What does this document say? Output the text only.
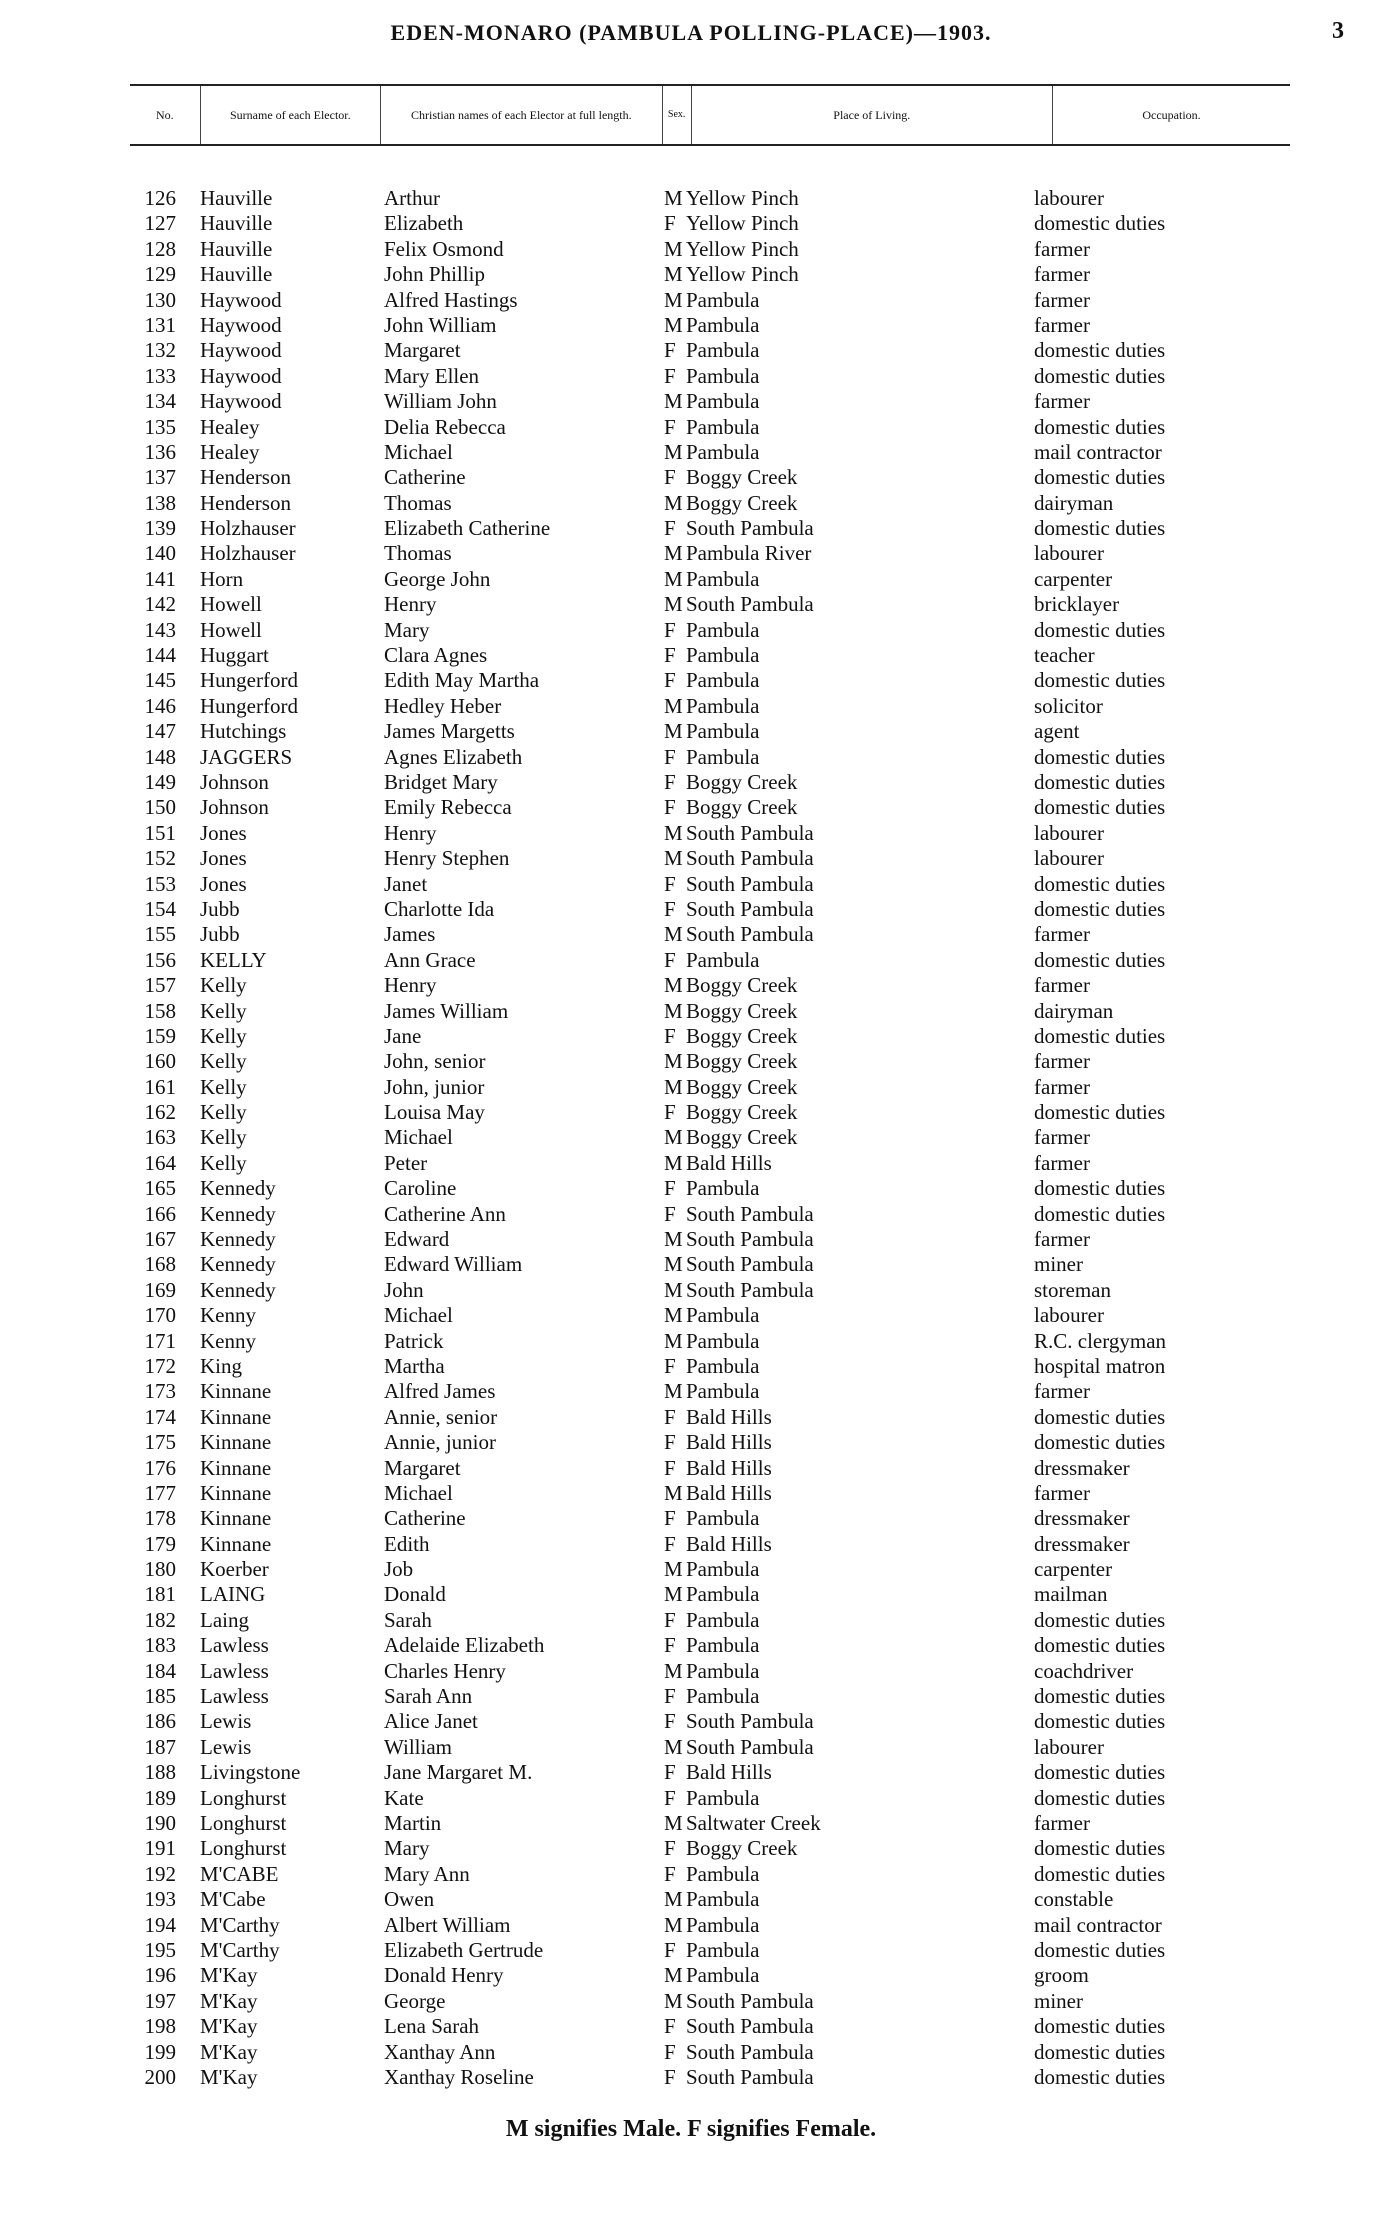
EDEN-MONARO (PAMBULA POLLING-PLACE)—1903.	3
No.	Surname of each Elector.	Christian names of each Elector at full length.	Sex.	Place of Living.	Occupation.
126 Hauville	Arthur	M Yellow Pinch	labourer
127 Hauville	Elizabeth	F Yellow Pinch	domestic duties
128 Hauville	Felix Osmond	M Yellow Pinch	farmer
129 Hauville	John Phillip	M Yellow Pinch	farmer
130 Haywood	Alfred Hastings	M Pambula	farmer
131 Haywood	John William	M Pambula	farmer
132 Haywood	Margaret	F Pambula	domestic duties
133 Haywood	Mary Ellen	F Pambula	domestic duties
134 Haywood	William John	M Pambula	farmer
135 Healey	Delia Rebecca	F Pambula	domestic duties
136 Healey	Michael	M Pambula	mail contractor
137 Henderson	Catherine	F Boggy Creek	domestic duties
138 Henderson	Thomas	M Boggy Creek	dairyman
139 Holzhauser	Elizabeth Catherine	F South Pambula	domestic duties
140 Holzhauser	Thomas	M Pambula River	labourer
141 Horn	George John	M Pambula	carpenter
142 Howell	Henry	M South Pambula	bricklayer
143 Howell	Mary	F Pambula	domestic duties
144 Huggart	Clara Agnes	F Pambula	teacher
145 Hungerford	Edith May Martha	F Pambula	domestic duties
146 Hungerford	Hedley Heber	M Pambula	solicitor
147 Hutchings	James Margetts	M Pambula	agent
148 JAGGERS	Agnes Elizabeth	F Pambula	domestic duties
149 Johnson	Bridget Mary	F Boggy Creek	domestic duties
150 Johnson	Emily Rebecca	F Boggy Creek	domestic duties
151 Jones	Henry	M South Pambula	labourer
152 Jones	Henry Stephen	M South Pambula	labourer
153 Jones	Janet	F South Pambula	domestic duties
154 Jubb	Charlotte Ida	F South Pambula	domestic duties
155 Jubb	James	M South Pambula	farmer
156 KELLY	Ann Grace	F Pambula	domestic duties
157 Kelly	Henry	M Boggy Creek	farmer
158 Kelly	James William	M Boggy Creek	dairyman
159 Kelly	Jane	F Boggy Creek	domestic duties
160 Kelly	John, senior	M Boggy Creek	farmer
161 Kelly	John, junior	M Boggy Creek	farmer
162 Kelly	Louisa May	F Boggy Creek	domestic duties
163 Kelly	Michael	M Boggy Creek	farmer
164 Kelly	Peter	M Bald Hills	farmer
165 Kennedy	Caroline	F Pambula	domestic duties
166 Kennedy	Catherine Ann	F South Pambula	domestic duties
167 Kennedy	Edward	M South Pambula	farmer
168 Kennedy	Edward William	M South Pambula	miner
169 Kennedy	John	M South Pambula	storeman
170 Kenny	Michael	M Pambula	labourer
171 Kenny	Patrick	M Pambula	R.C. clergyman
172 King	Martha	F Pambula	hospital matron
173 Kinnane	Alfred James	M Pambula	farmer
174 Kinnane	Annie, senior	F Bald Hills	domestic duties
175 Kinnane	Annie, junior	F Bald Hills	domestic duties
176 Kinnane	Margaret	F Bald Hills	dressmaker
177 Kinnane	Michael	M Bald Hills	farmer
178 Kinnane	Catherine	F Pambula	dressmaker
179 Kinnane	Edith	F Bald Hills	dressmaker
180 Koerber	Job	M Pambula	carpenter
181 LAING	Donald	M Pambula	mailman
182 Laing	Sarah	F Pambula	domestic duties
183 Lawless	Adelaide Elizabeth	F Pambula	domestic duties
184 Lawless	Charles Henry	M Pambula	coachdriver
185 Lawless	Sarah Ann	F Pambula	domestic duties
186 Lewis	Alice Janet	F South Pambula	domestic duties
187 Lewis	William	M South Pambula	labourer
188 Livingstone	Jane Margaret M.	F Bald Hills	domestic duties
189 Longhurst	Kate	F Pambula	domestic duties
190 Longhurst	Martin	M Saltwater Creek	farmer
191 Longhurst	Mary	F Boggy Creek	domestic duties
192 M'CABE	Mary Ann	F Pambula	domestic duties
193 M'Cabe	Owen	M Pambula	constable
194 M'Carthy	Albert William	M Pambula	mail contractor
195 M'Carthy	Elizabeth Gertrude	F Pambula	domestic duties
196 M'Kay	Donald Henry	M Pambula	groom
197 M'Kay	George	M South Pambula	miner
198 M'Kay	Lena Sarah	F South Pambula	domestic duties
199 M'Kay	Xanthay Ann	F South Pambula	domestic duties
200 M'Kay	Xanthay Roseline	F South Pambula	domestic duties
M signifies Male. F signifies Female.
